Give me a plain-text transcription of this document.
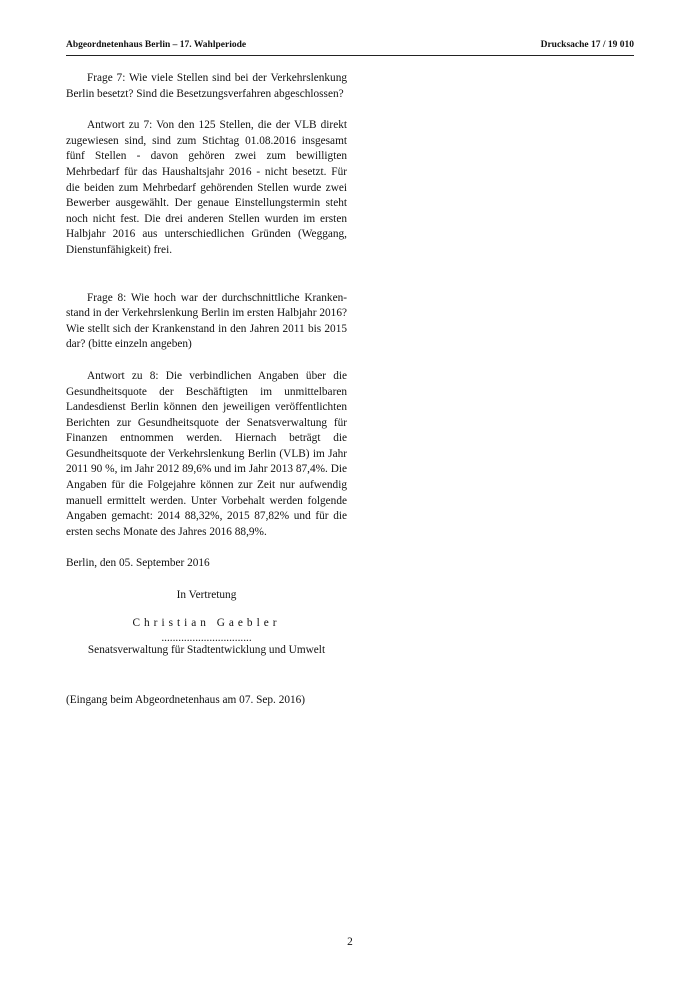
Abgeordnetenhaus Berlin – 17. Wahlperiode	Drucksache 17 / 19 010

Frage 7: Wie viele Stellen sind bei der Verkehrslenkung Berlin besetzt? Sind die Besetzungsverfahren abgeschlossen?

Antwort zu 7: Von den 125 Stellen, die der VLB direkt zugewiesen sind, sind zum Stichtag 01.08.2016 insgesamt fünf Stellen - davon gehören zwei zum bewilligten Mehrbedarf für das Haushaltsjahr 2016 - nicht besetzt. Für die beiden zum Mehrbedarf gehörenden Stellen wurde zwei Bewerber ausgewählt. Der genaue Einstellungstermin steht noch nicht fest. Die drei anderen Stellen wurden im ersten Halbjahr 2016 aus unterschiedlichen Gründen (Weggang, Dienstunfähigkeit) frei.

Frage 8: Wie hoch war der durchschnittliche Krankenstand in der Verkehrslenkung Berlin im ersten Halbjahr 2016? Wie stellt sich der Krankenstand in den Jahren 2011 bis 2015 dar? (bitte einzeln angeben)

Antwort zu 8: Die verbindlichen Angaben über die Gesundheitsquote der Beschäftigten im unmittelbaren Landesdienst Berlin können den jeweiligen veröffentlichten Berichten zur Gesundheitsquote der Senatsverwaltung für Finanzen entnommen werden. Hiernach beträgt die Gesundheitsquote der Verkehrslenkung Berlin (VLB) im Jahr 2011 90 %, im Jahr 2012 89,6% und im Jahr 2013 87,4%. Die Angaben für die Folgejahre können zur Zeit nur aufwendig manuell ermittelt werden. Unter Vorbehalt werden folgende Angaben gemacht: 2014 88,32%, 2015 87,82% und für die ersten sechs Monate des Jahres 2016 88,9%.

Berlin, den 05. September 2016

In Vertretung

Christian Gaebler

................................

Senatsverwaltung für Stadtentwicklung und Umwelt

(Eingang beim Abgeordnetenhaus am 07. Sep. 2016)

2
